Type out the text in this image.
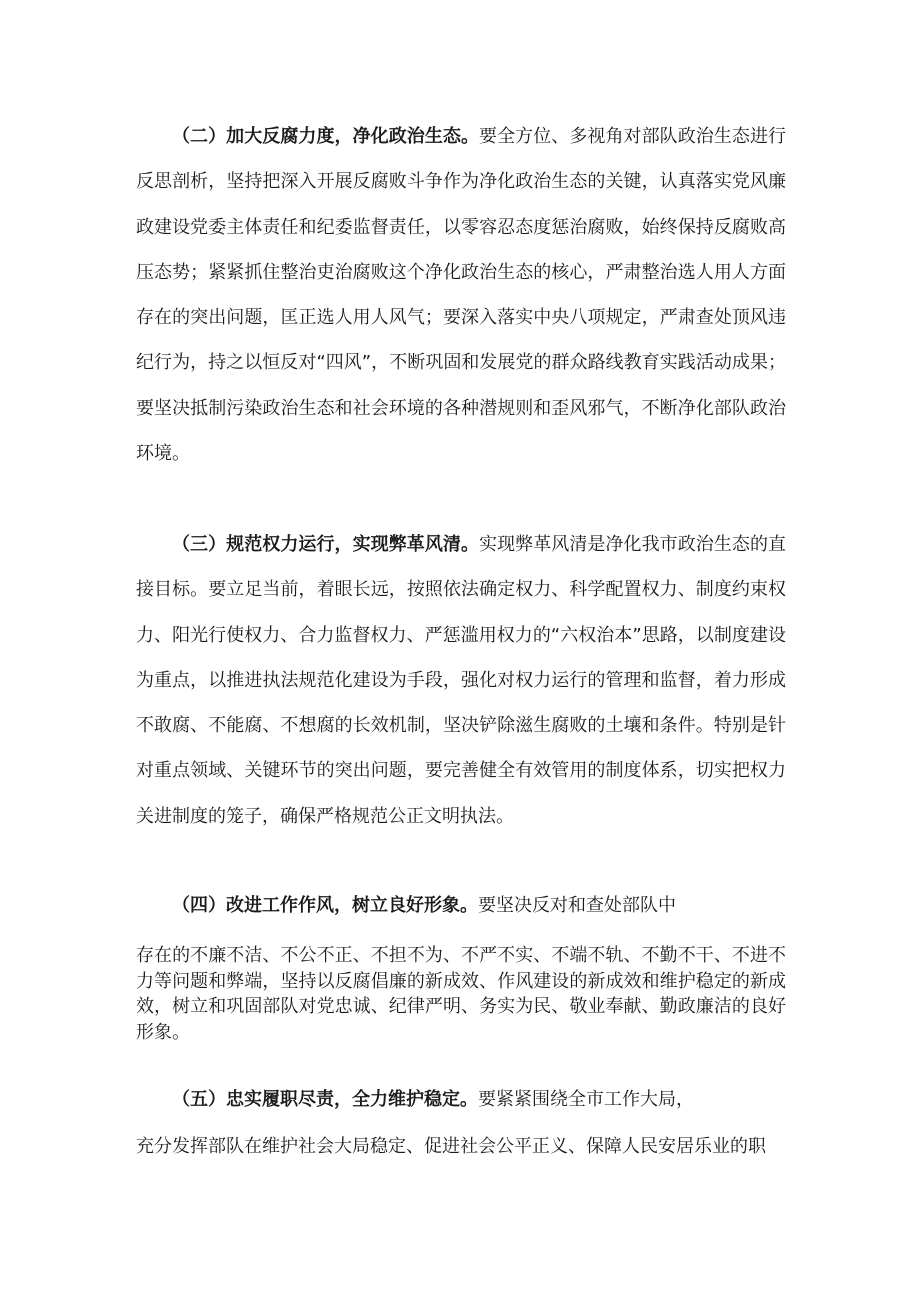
（二）加大反腐力度，净化政治生态。要全方位、多视角对部队政治生态进行反思剖析，坚持把深入开展反腐败斗争作为净化政治生态的关键，认真落实党风廉政建设党委主体责任和纪委监督责任，以零容忍态度惩治腐败，始终保持反腐败高压态势；紧紧抓住整治吏治腐败这个净化政治生态的核心，严肃整治选人用人方面存在的突出问题，匡正选人用人风气；要深入落实中央八项规定，严肃查处顶风违纪行为，持之以恒反对“四风”，不断巩固和发展党的群众路线教育实践活动成果；要坚决抵制污染政治生态和社会环境的各种潜规则和歪风邪气，不断净化部队政治环境。

（三）规范权力运行，实现弊革风清。实现弊革风清是净化我市政治生态的直接目标。要立足当前，着眼长远，按照依法确定权力、科学配置权力、制度约束权力、阳光行使权力、合力监督权力、严惩滥用权力的“六权治本”思路，以制度建设为重点，以推进执法规范化建设为手段，强化对权力运行的管理和监督，着力形成不敢腐、不能腐、不想腐的长效机制，坚决铲除滋生腐败的土壤和条件。特别是针对重点领域、关键环节的突出问题，要完善健全有效管用的制度体系，切实把权力关进制度的笼子，确保严格规范公正文明执法。

（四）改进工作作风，树立良好形象。要坚决反对和查处部队中

存在的不廉不洁、不公不正、不担不为、不严不实、不端不轨、不勤不干、不进不力等问题和弊端，坚持以反腐倡廉的新成效、作风建设的新成效和维护稳定的新成效，树立和巩固部队对党忠诚、纪律严明、务实为民、敬业奉献、勤政廉洁的良好形象。

（五）忠实履职尽责，全力维护稳定。要紧紧围绕全市工作大局，

充分发挥部队在维护社会大局稳定、促进社会公平正义、保障人民安居乐业的职
